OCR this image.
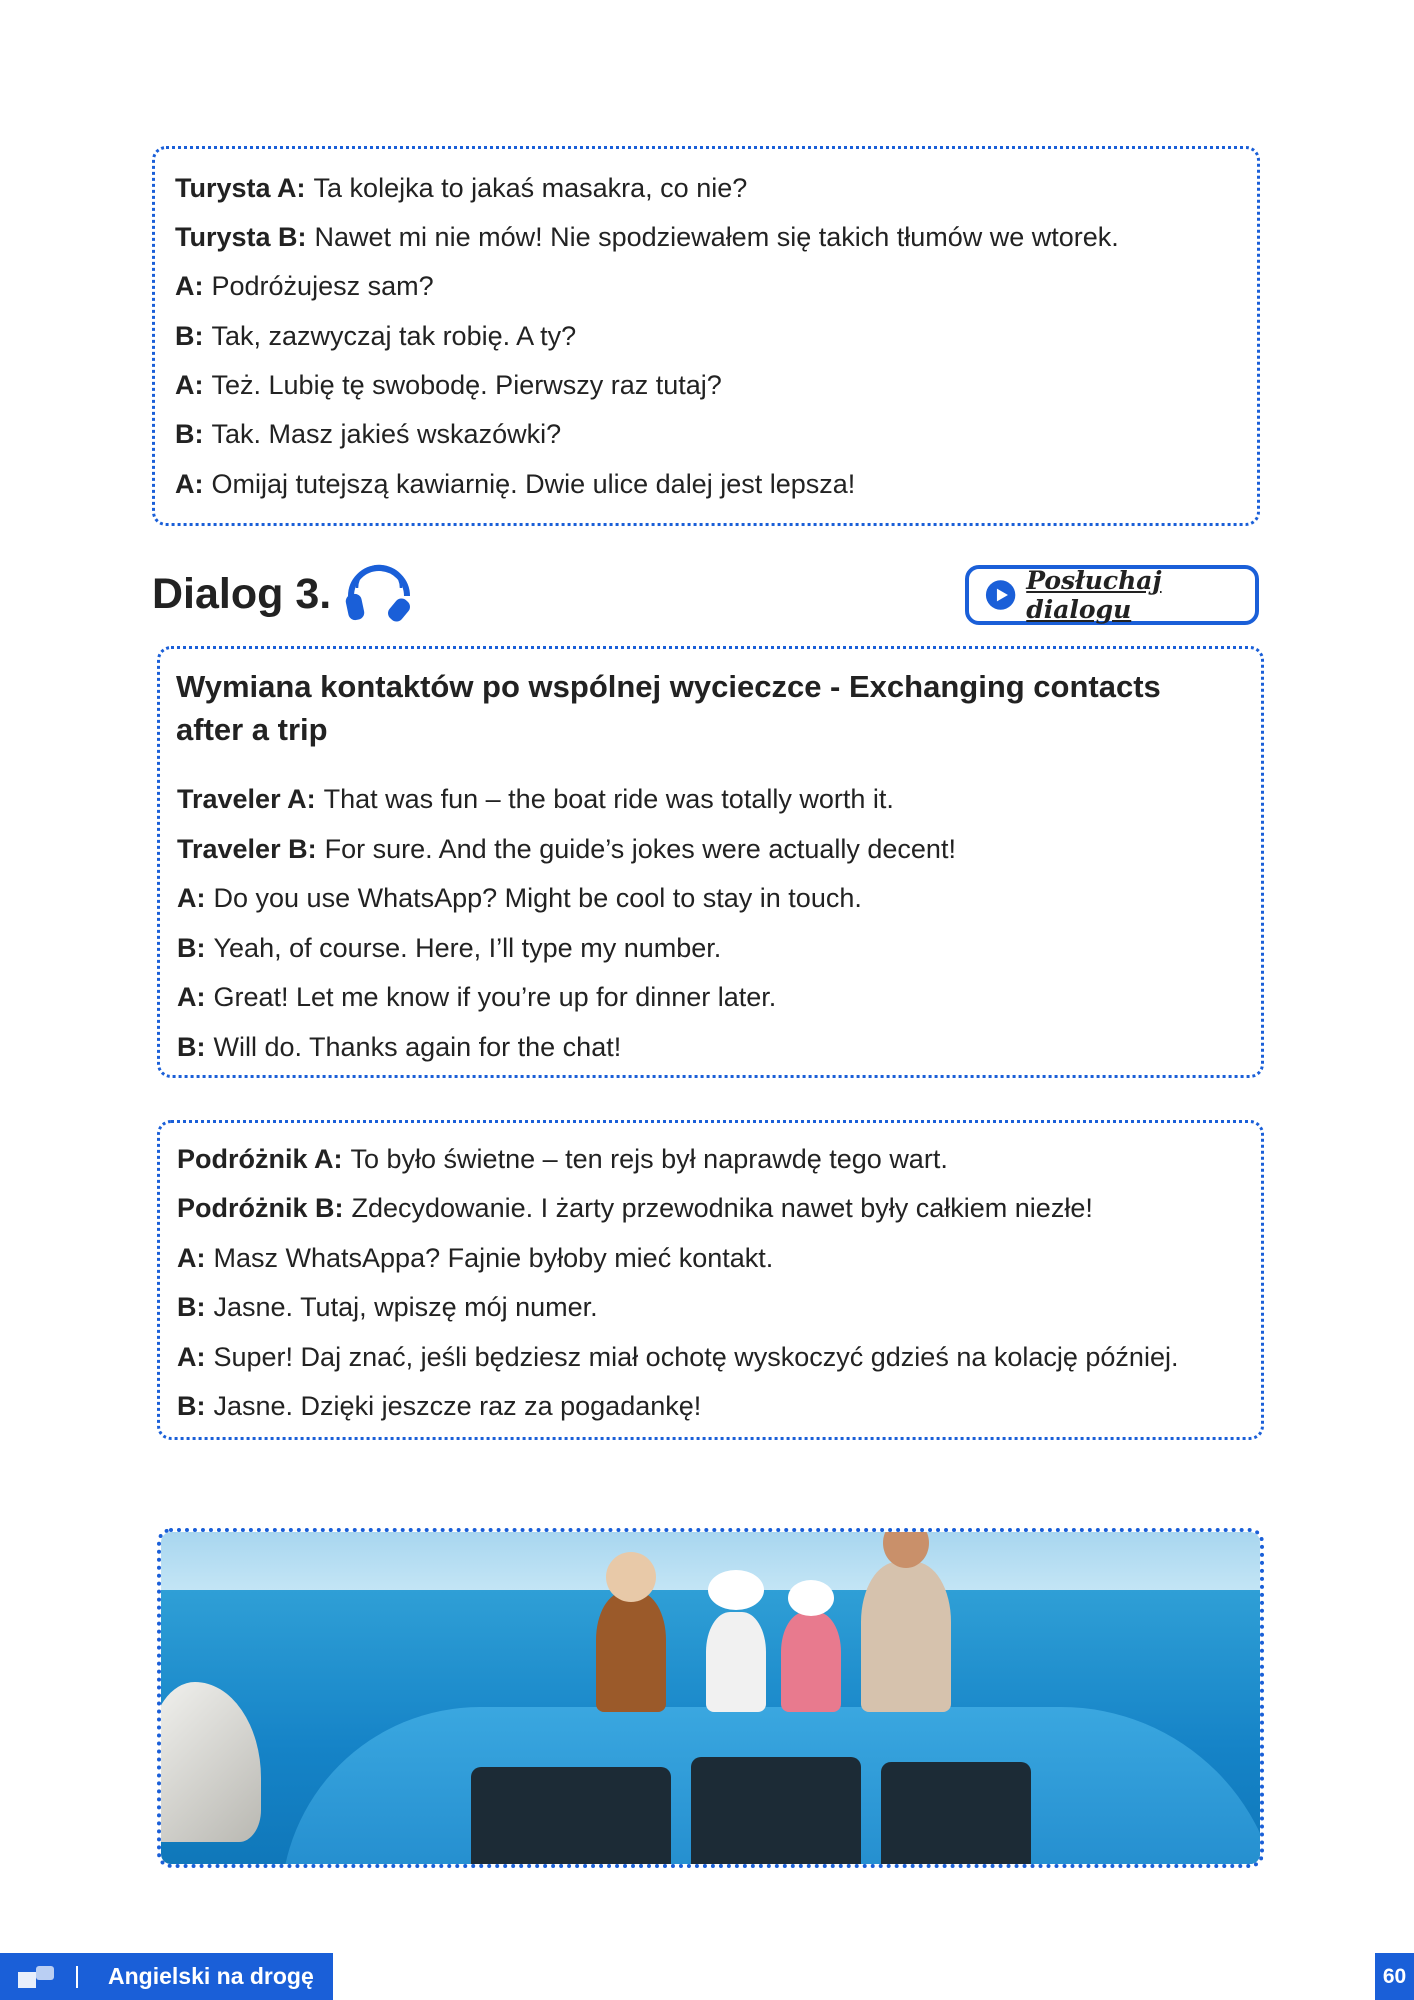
Turysta A: Ta kolejka to jakaś masakra, co nie?
Turysta B: Nawet mi nie mów! Nie spodziewałem się takich tłumów we wtorek.
A: Podróżujesz sam?
B: Tak, zazwyczaj tak robię. A ty?
A: Też. Lubię tę swobodę. Pierwszy raz tutaj?
B: Tak. Masz jakieś wskazówki?
A: Omijaj tutejszą kawiarnię. Dwie ulice dalej jest lepsza!
Dialog 3.	Posłuchaj dialogu
Wymiana kontaktów po wspólnej wycieczce - Exchanging contacts after a trip
Traveler A: That was fun – the boat ride was totally worth it.
Traveler B: For sure. And the guide’s jokes were actually decent!
A: Do you use WhatsApp? Might be cool to stay in touch.
B: Yeah, of course. Here, I’ll type my number.
A: Great! Let me know if you’re up for dinner later.
B: Will do. Thanks again for the chat!
Podróżnik A: To było świetne – ten rejs był naprawdę tego wart.
Podróżnik B: Zdecydowanie. I żarty przewodnika nawet były całkiem niezłe!
A: Masz WhatsAppa? Fajnie byłoby mieć kontakt.
B: Jasne. Tutaj, wpiszę mój numer.
A: Super! Daj znać, jeśli będziesz miał ochotę wyskoczyć gdzieś na kolację później.
B: Jasne. Dzięki jeszcze raz za pogadankę!
Angielski na drogę	60
